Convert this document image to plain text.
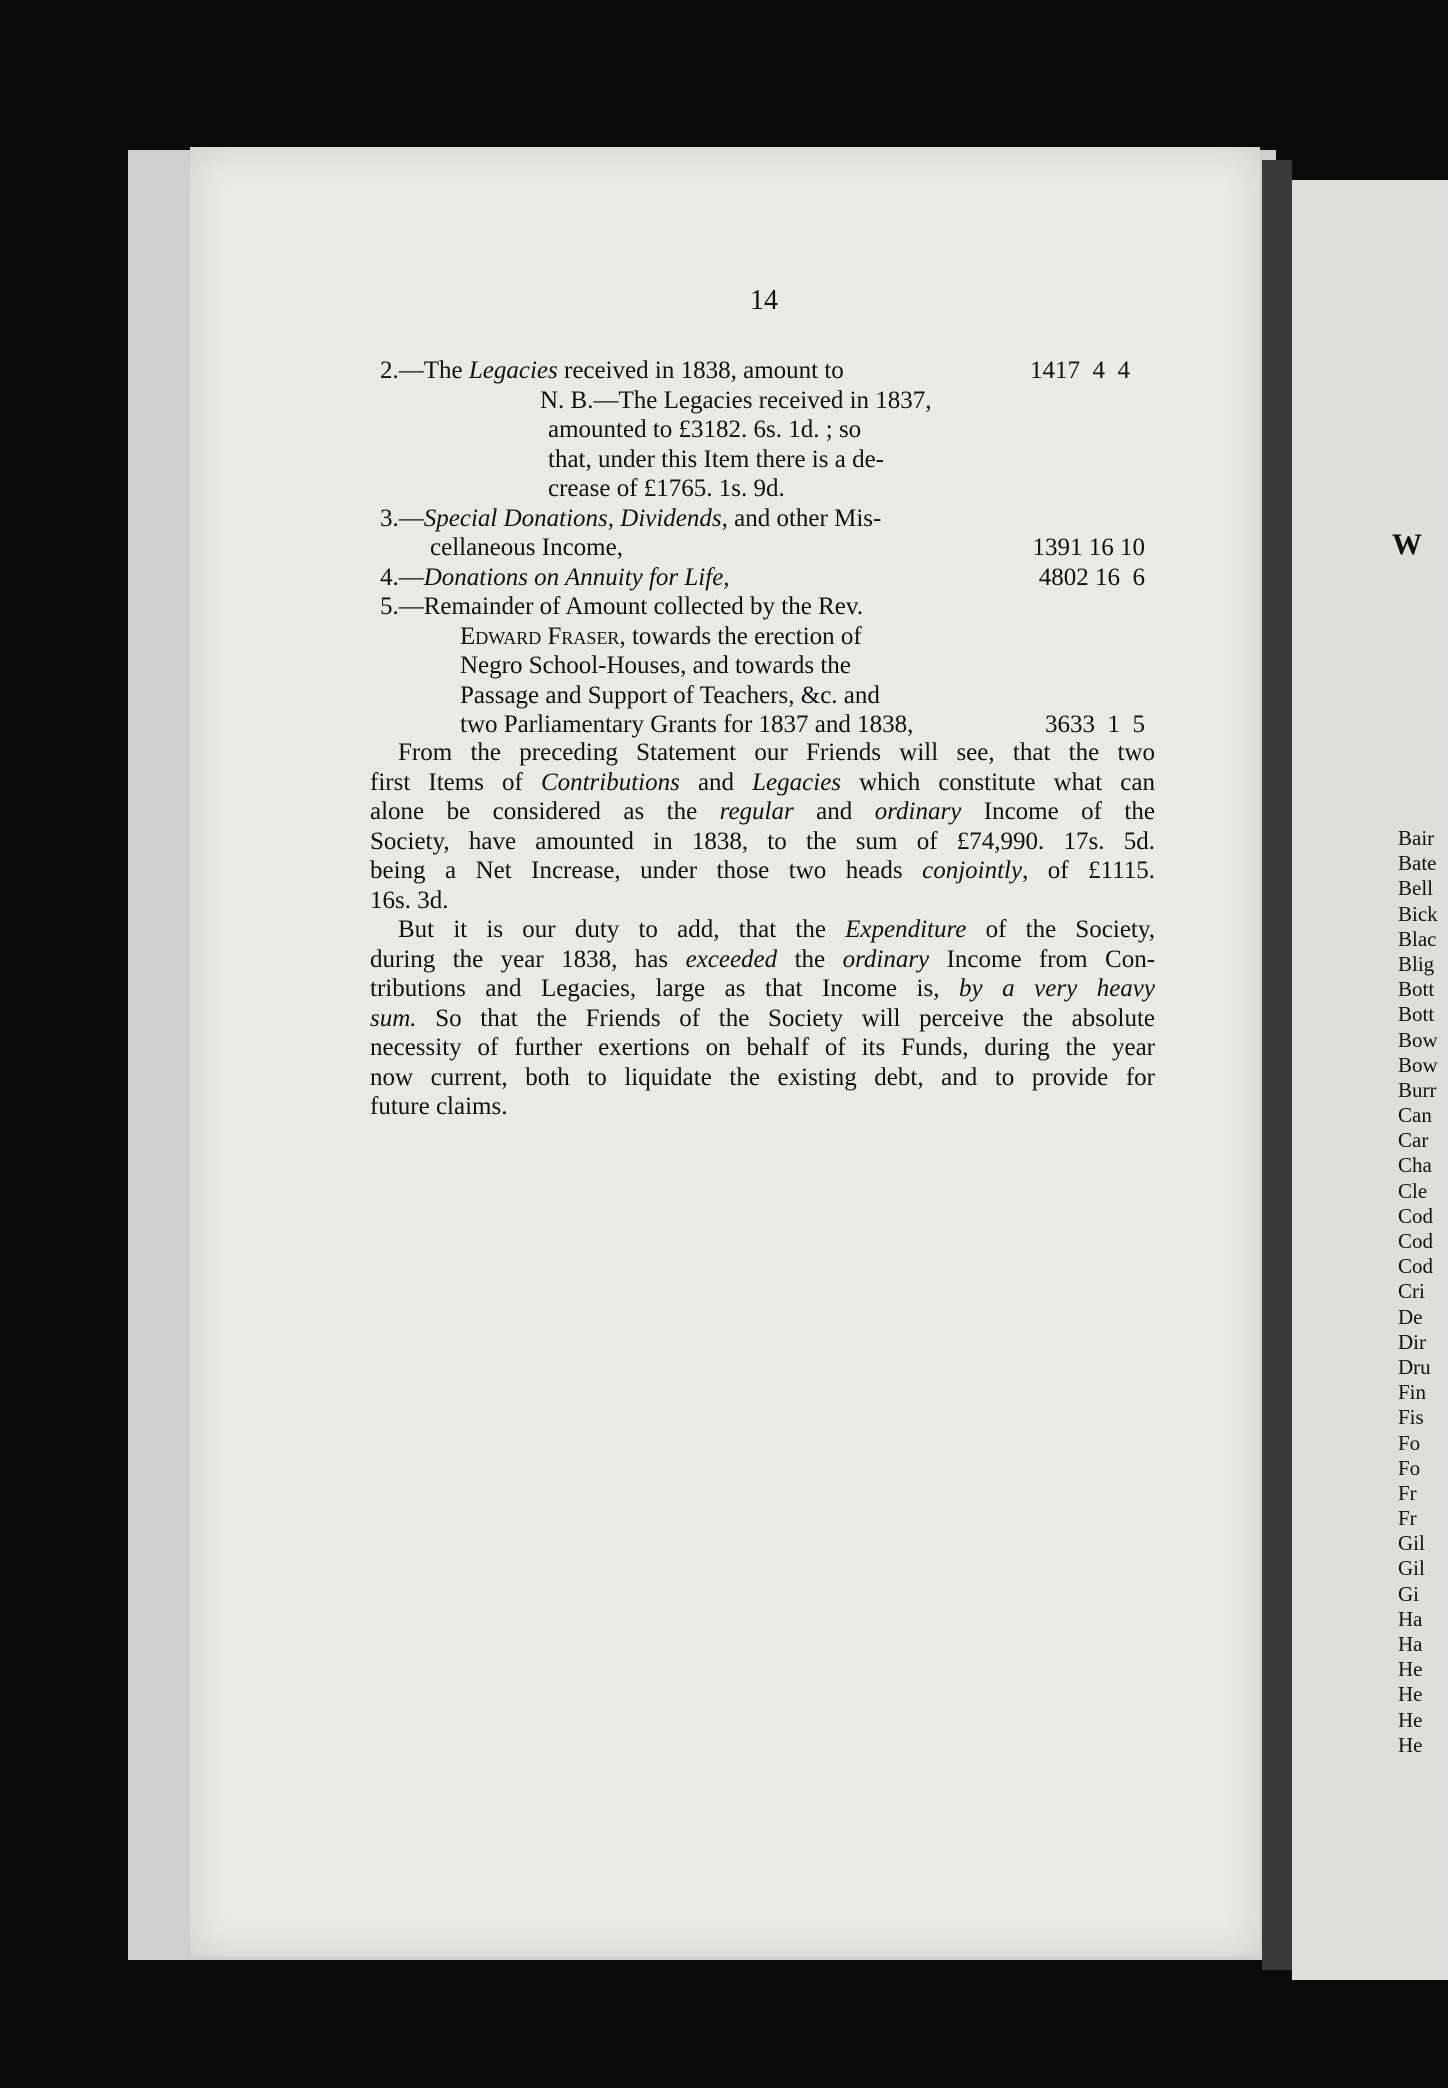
W
Bair
Bate
Bell
Bick
Blac
Blig
Bott
Bott
Bow
Bow
Burr
Can
Car
Cha
Cle
Cod
Cod
Cod
Cri
De
Dir
Dru
Fin
Fis
Fo
Fo
Fr
Fr
Gil
Gil
Gi
Ha
Ha
He
He
He
He
14
2.—The Legacies received in 1838, amount to	1417  4  4
N. B.—The Legacies received in 1837,
amounted to £3182. 6s. 1d. ; so
that, under this Item there is a de-
crease of £1765. 1s. 9d.
3.—Special Donations, Dividends, and other Mis-
cellaneous Income,	1391 16 10
4.—Donations on Annuity for Life,	4802 16  6
5.—Remainder of Amount collected by the Rev.
Edward Fraser, towards the erection of
Negro School-Houses, and towards the
Passage and Support of Teachers, &c. and
two Parliamentary Grants for 1837 and 1838,	3633  1  5
From the preceding Statement our Friends will see, that the two
first Items of Contributions and Legacies which constitute what can
alone be considered as the regular and ordinary Income of the
Society, have amounted in 1838, to the sum of £74,990. 17s. 5d.
being a Net Increase, under those two heads conjointly, of £1115.
16s. 3d.
But it is our duty to add, that the Expenditure of the Society,
during the year 1838, has exceeded the ordinary Income from Con-
tributions and Legacies, large as that Income is, by a very heavy
sum. So that the Friends of the Society will perceive the absolute
necessity of further exertions on behalf of its Funds, during the year
now current, both to liquidate the existing debt, and to provide for
future claims.
